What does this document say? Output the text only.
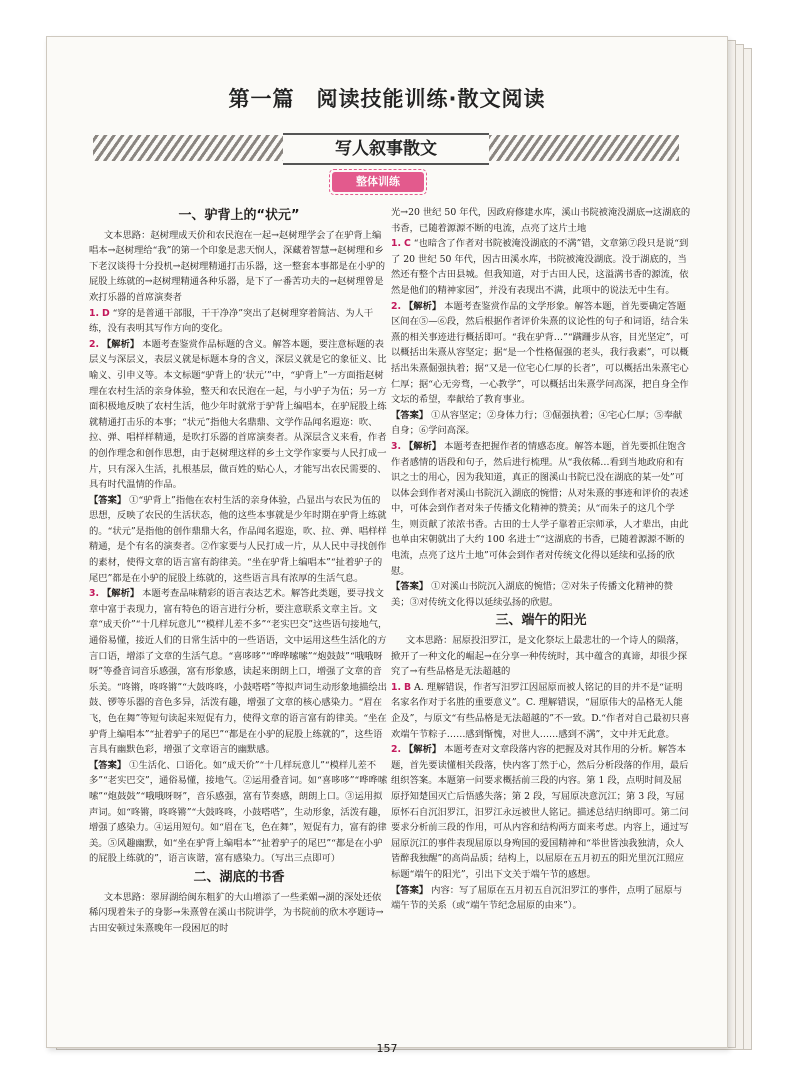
第一篇　阅读技能训练·散文阅读
写人叙事散文
整体训练
一、驴背上的“状元”

文本思路：赵树理成天价和农民泡在一起→赵树理学会了在驴背上编唱本→赵树理给“我”的第一个印象是悲天悯人，深藏着智慧→赵树理和乡下老汉谈得十分投机→赵树理精通打击乐器，这一整套本事都是在小驴的屁股上练就的→赵树理精通各种乐器，是下了一番苦功夫的→赵树理曾是欢打乐器的首席演奏者

1. D “穿的是普通干部服，干干净净”突出了赵树理穿着简洁、为人干练，没有表明其写作方向的变化。

2. 【解析】 本题考查鉴赏作品标题的含义。解答本题，要注意标题的表层义与深层义，表层义就是标题本身的含义，深层义就是它的象征义、比喻义、引申义等。本文标题“驴背上的‘状元’”中，“驴背上”一方面指赵树理在农村生活的亲身体验，整天和农民泡在一起，与小驴子为伍；另一方面积极地反映了农村生活，他少年时就常于驴背上编唱本，在驴屁股上练就精通打击乐的本事；“状元”指他大名鼎鼎、文学作品闻名遐迩：吹、拉、弹、唱样样精通，是吹打乐器的首席演奏者。从深层含义来看，作者的创作理念和创作思想，由于赵树理这样的乡土文学作家要与人民打成一片，只有深入生活，扎根基层，做百姓的贴心人，才能写出农民需要的、具有时代温情的作品。

【答案】 ①“驴背上”指他在农村生活的亲身体验，凸显出与农民为伍的思想，反映了农民的生活状态，他的这些本事就是少年时期在驴背上练就的。“状元”是指他的创作鼎鼎大名，作品闻名遐迩，吹、拉、弹、唱样样精通，是个有名的演奏者。②作家要与人民打成一片，从人民中寻找创作的素材，使得文章的语言富有韵律美。“坐在驴背上编唱本”“扯着驴子的尾巴”都是在小驴的屁股上练就的，这些语言具有浓厚的生活气息。

3. 【解析】 本题考查品味精彩的语言表达艺术。解答此类题，要寻找文章中富于表现力，富有特色的语言进行分析，要注意联系文章主旨。文章“成天价”“十几样玩意儿”“模样儿差不多”“老实巴交”这些语句接地气，通俗易懂，接近人们的日常生活中的一些语语，文中运用这些生活化的方言口语，增添了文章的生活气息。“喜哆哆”“哗哗嗦嗦”“炮鼓鼓”“哦哦呀呀”等叠音词音乐感强，富有形象感，读起来朗朗上口，增强了文章的音乐美。“咚锵，咚咚锵”“大鼓咚咚，小鼓嗒嗒”等拟声词生动形象地描绘出鼓、锣等乐器的音色多异，活泼有趣，增强了文章的核心感染力。“眉在飞，色在舞”等短句读起来短促有力，使得文章的语言富有韵律美。“坐在驴背上编唱本”“扯着驴子的尾巴”“都是在小驴的屁股上练就的”，这些语言具有幽默色彩，增强了文章语言的幽默感。

【答案】 ①生活化、口语化。如“成天价”“十几样玩意儿”“模样儿差不多”“老实巴交”，通俗易懂，接地气。②运用叠音词。如“喜哆哆”“哗哗嗦嗦”“炮鼓鼓”“哦哦呀呀”，音乐感强，富有节奏感，朗朗上口。③运用拟声词。如“咚锵，咚咚锵”“大鼓咚咚，小鼓嗒嗒”，生动形象，活泼有趣，增强了感染力。④运用短句。如“眉在飞，色在舞”，短促有力，富有韵律美。⑤风趣幽默，如“坐在驴背上编唱本”“扯着驴子的尾巴”“都是在小驴的屁股上练就的”，语言诙谐，富有感染力。（写出三点即可）

二、湖底的书香

文本思路：翠屏湖给闽东粗犷的大山增添了一些柔媚→湖的深处还依稀闪现着朱子的身影→朱熹曾在溪山书院讲学，为书院前的欣木亭题诗→古田安顿过朱熹晚年一段困厄的时

光→20 世纪 50 年代，因政府修建水库，溪山书院被淹没湖底→这湖底的书香，已随着源源不断的电流，点亮了这片土地

1. C “也暗含了作者对书院被淹没湖底的不满”错，文章第⑦段只是说“到了 20 世纪 50 年代，因古田溪水库，书院被淹没湖底。没于湖底的，当然还有整个古田县城。但我知道，对于古田人民，这溢满书香的源流，依然是他们的精神家园”，并没有表现出不满，此项中的说法无中生有。

2. 【解析】 本题考查鉴赏作品的文学形象。解答本题，首先要确定答题区间在⑤—⑥段，然后根据作者评价朱熹的议论性的句子和词语，结合朱熹的相关事迹进行概括即可。“我在驴背…”“蹒跚步从容，目光坚定”，可以概括出朱熹从容坚定；据“是一个性格倔强的老头，我行我素”，可以概括出朱熹倔强执着；据“又是一位宅心仁厚的长者”，可以概括出朱熹宅心仁厚；据“心无旁骛，一心教学”，可以概括出朱熹学问高深，把自身全作文坛的希望，奉献给了教育事业。

【答案】 ①从容坚定；②身体力行；③倔强执着；④宅心仁厚；⑤奉献自身；⑥学问高深。

3. 【解析】 本题考查把握作者的情感态度。解答本题，首先要抓住饱含作者感情的语段和句子，然后进行梳理。从“我依稀…看到当地政府和有识之士的用心，因为我知道，真正的图溪山书院已没在湖底的某一处”可以体会到作者对溪山书院沉入湖底的惋惜；从对朱熹的事迹和评价的表述中，可体会到作者对朱子传播文化精神的赞美；从“而朱子的这几个学生，则贡献了浓浓书香。古田的士人学子靠着正宗师承，人才辈出，由此也单由宋朝就出了大约 100 名进士”“这湖底的书香，已随着源源不断的电流，点亮了这片土地”可体会到作者对传统文化得以延续和弘扬的欣慰。

【答案】 ①对溪山书院沉入湖底的惋惜；②对朱子传播文化精神的赞美；③对传统文化得以延续弘扬的欣慰。

三、端午的阳光

文本思路：屈原投汨罗江，是文化祭坛上最悲壮的一个诗人的陨落，掀开了一种文化的崛起→在分享一种传统时，其中蕴含的真谛，却很少探究了→有些品格是无法超越的

1. B A. 理解错误，作者写汨罗江因屈原而被人铭记的目的并不是“证明名家名作对于名胜的重要意义”。C. 理解错误，“屈原伟大的品格无人能企及”，与原文“有些品格是无法超越的”不一致。D.“作者对自己最初只喜欢端午节粽子……感到惭愧，对世人……感到不满”，文中并无此意。

2. 【解析】 本题考查对文章段落内容的把握及对其作用的分析。解答本题，首先要读懂相关段落，快内客丁然于心，然后分析段落的作用，最后组织答案。本题第一问要求概括前三段的内容。第 1 段，点明时间及屈原抒知楚国灭亡后悟感失落；第 2 段，写屈原决意沉江；第 3 段，写屈原怀石自沉汨罗江，汨罗江永远被世人铭记。描述总结归纳即可。第二问要求分析前三段的作用，可从内容和结构两方面来考虑。内容上，通过写屈原沉江的事件表现屈原以身殉国的爱国精神和“举世皆浊我独清，众人皆醉我独醒”的高尚品质；结构上，以屈原在五月初五的阳光里沉江照应标题“端午的阳光”，引出下文关于端午节的感想。

【答案】 内容：写了屈原在五月初五自沉汨罗江的事件，点明了屈原与端午节的关系（或“端午节纪念屈原的由来”）。

157
